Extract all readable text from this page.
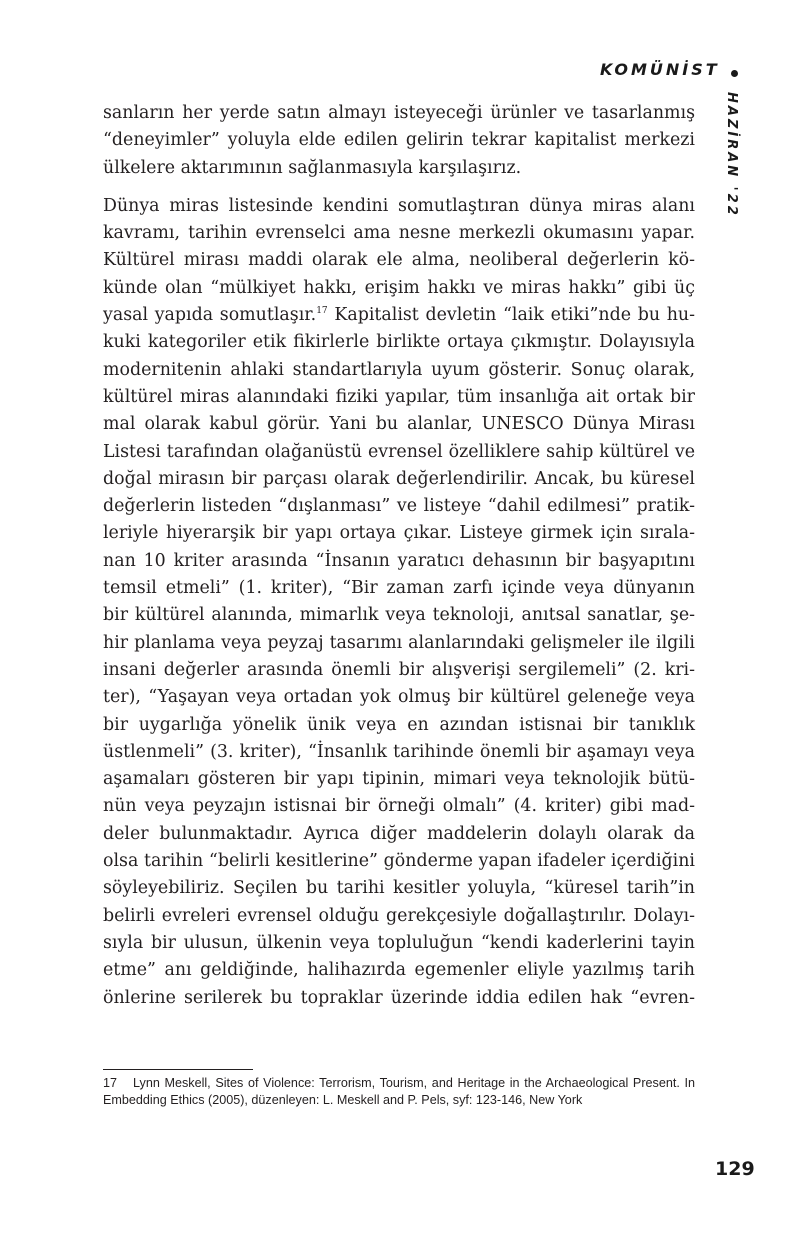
KOMÜNİST
HAZİRAN '22

sanların her yerde satın almayı isteyeceği ürünler ve tasarlanmış
“deneyimler” yoluyla elde edilen gelirin tekrar kapitalist merkezi
ülkelere aktarımının sağlanmasıyla karşılaşırız.

Dünya miras listesinde kendini somutlaştıran dünya miras alanı
kavramı, tarihin evrenselci ama nesne merkezli okumasını yapar.
Kültürel mirası maddi olarak ele alma, neoliberal değerlerin kö-
künde olan “mülkiyet hakkı, erişim hakkı ve miras hakkı” gibi üç
yasal yapıda somutlaşır.$^{17}$ Kapitalist devletin “laik etiki”nde bu hu-
kuki kategoriler etik fikirlerle birlikte ortaya çıkmıştır. Dolayısıyla
modernitenin ahlaki standartlarıyla uyum gösterir. Sonuç olarak,
kültürel miras alanındaki fiziki yapılar, tüm insanlığa ait ortak bir
mal olarak kabul görür. Yani bu alanlar, UNESCO Dünya Mirası
Listesi tarafından olağanüstü evrensel özelliklere sahip kültürel ve
doğal mirasın bir parçası olarak değerlendirilir. Ancak, bu küresel
değerlerin listeden “dışlanması” ve listeye “dahil edilmesi” pratik-
leriyle hiyerarşik bir yapı ortaya çıkar. Listeye girmek için sırala-
nan 10 kriter arasında “İnsanın yaratıcı dehasının bir başyapıtını
temsil etmeli” (1. kriter), “Bir zaman zarfı içinde veya dünyanın
bir kültürel alanında, mimarlık veya teknoloji, anıtsal sanatlar, şe-
hir planlama veya peyzaj tasarımı alanlarındaki gelişmeler ile ilgili
insani değerler arasında önemli bir alışverişi sergilemeli” (2. kri-
ter), “Yaşayan veya ortadan yok olmuş bir kültürel geleneğe veya
bir uygarlığa yönelik ünik veya en azından istisnai bir tanıklık
üstlenmeli” (3. kriter), “İnsanlık tarihinde önemli bir aşamayı veya
aşamaları gösteren bir yapı tipinin, mimari veya teknolojik bütü-
nün veya peyzajın istisnai bir örneği olmalı” (4. kriter) gibi mad-
deler bulunmaktadır. Ayrıca diğer maddelerin dolaylı olarak da
olsa tarihin “belirli kesitlerine” gönderme yapan ifadeler içerdiğini
söyleyebiliriz. Seçilen bu tarihi kesitler yoluyla, “küresel tarih”in
belirli evreleri evrensel olduğu gerekçesiyle doğallaştırılır. Dolayı-
sıyla bir ulusun, ülkenin veya topluluğun “kendi kaderlerini tayin
etme” anı geldiğinde, halihazırda egemenler eliyle yazılmış tarih
önlerine serilerek bu topraklar üzerinde iddia edilen hak “evren-

17 Lynn Meskell, Sites of Violence: Terrorism, Tourism, and Heritage in the Archaeological Present. In Embedding Ethics (2005), düzenleyen: L. Meskell and P. Pels, syf: 123-146, New York
129
